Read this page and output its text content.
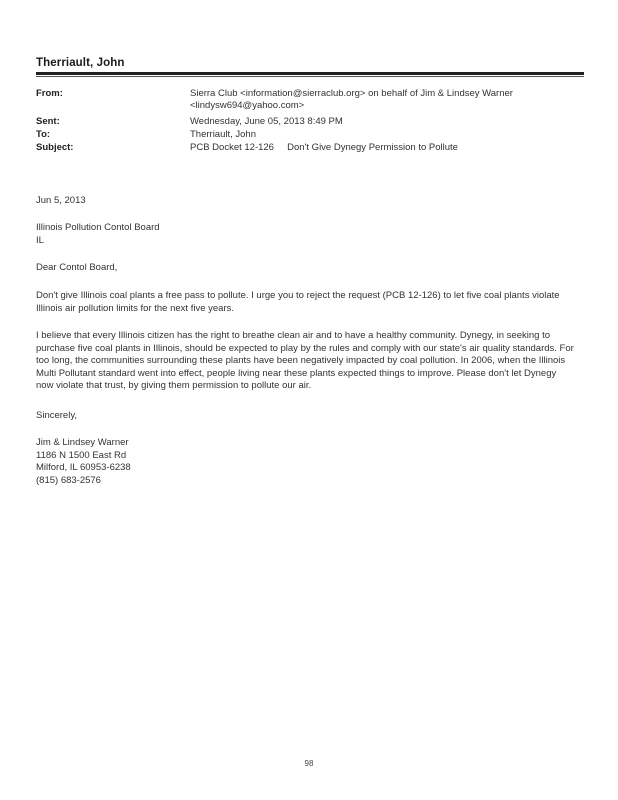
Therriault, John
From:	Sierra Club <information@sierraclub.org> on behalf of Jim & Lindsey Warner
<lindysw694@yahoo.com>
Sent:	Wednesday, June 05, 2013 8:49 PM
To:	Therriault, John
Subject:	PCB Docket 12-126     Don't Give Dynegy Permission to Pollute

Jun 5, 2013

Illinois Pollution Contol Board

IL

Dear Contol Board,

Don't give Illinois coal plants a free pass to pollute. I urge you to reject the request (PCB 12-126) to let five coal plants violate Illinois air pollution limits for the next five years.

I believe that every Illinois citizen has the right to breathe clean air and to have a healthy community. Dynegy, in seeking to purchase five coal plants in Illinois, should be expected to play by the rules and comply with our state's air quality standards. For too long, the communities surrounding these plants have been negatively impacted by coal pollution. In 2006, when the Illinois Multi Pollutant standard went into effect, people living near these plants expected things to improve. Please don't let Dynegy now violate that trust, by giving them permission to pollute our air.

Sincerely,

Jim & Lindsey Warner

1186 N 1500 East Rd

Milford, IL 60953-6238

(815) 683-2576

98
